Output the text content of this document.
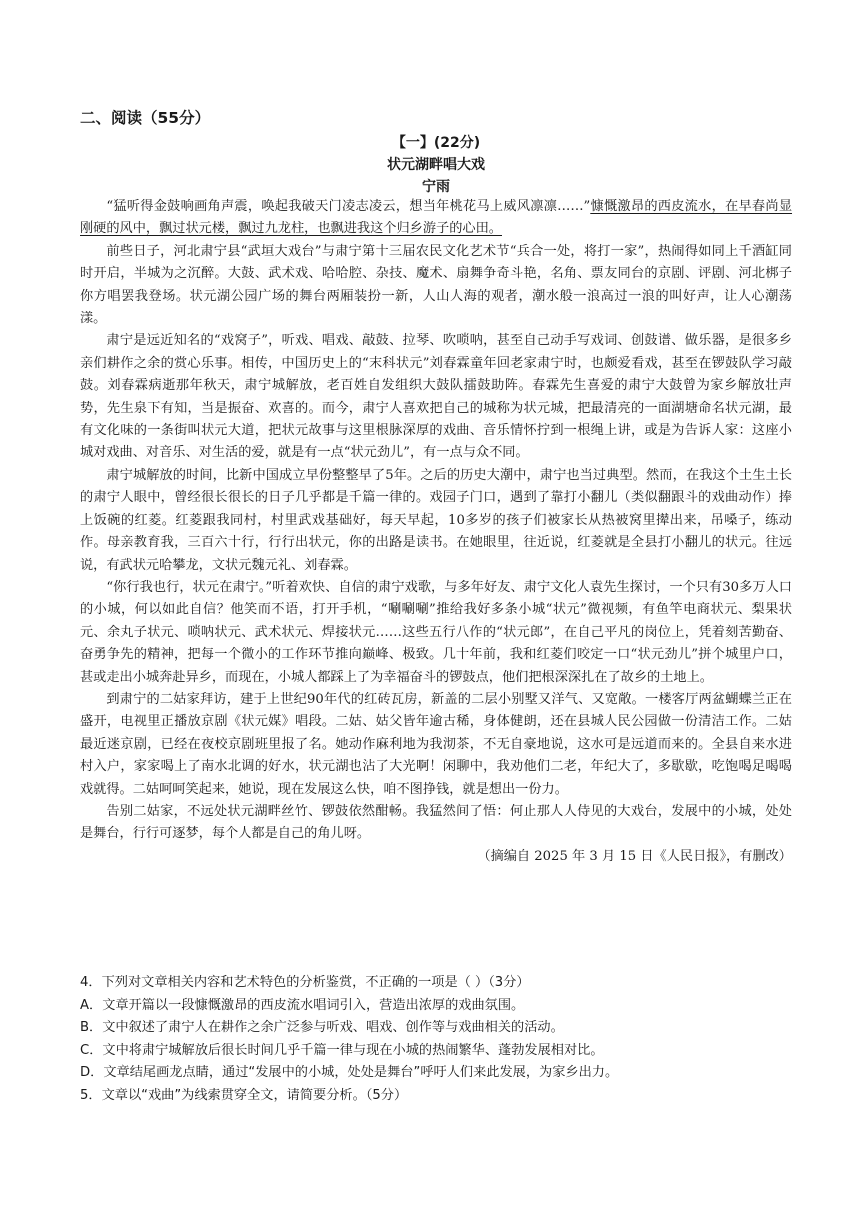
二、阅读（55分）
【一】(22分)
状元湖畔唱大戏
宁雨

“猛听得金鼓响画角声震，唤起我破天门凌志凌云，想当年桃花马上威风凛凛……”慷慨激昂的西皮流水，在早春尚显刚硬的风中，飘过状元楼，飘过九龙柱，也飘进我这个归乡游子的心田。

前些日子，河北肃宁县“武垣大戏台”与肃宁第十三届农民文化艺术节“兵合一处，将打一家”，热闹得如同上千酒缸同时开启，半城为之沉醉。大鼓、武术戏、哈哈腔、杂技、魔术、扇舞争奇斗艳，名角、票友同台的京剧、评剧、河北梆子你方唱罢我登场。状元湖公园广场的舞台两厢装扮一新，人山人海的观者，潮水般一浪高过一浪的叫好声，让人心潮荡漾。

肃宁是远近知名的“戏窝子”，听戏、唱戏、敲鼓、拉琴、吹唢呐，甚至自己动手写戏词、创鼓谱、做乐器，是很多乡亲们耕作之余的赏心乐事。相传，中国历史上的“末科状元”刘春霖童年回老家肃宁时，也颇爱看戏，甚至在锣鼓队学习敲鼓。刘春霖病逝那年秋天，肃宁城解放，老百姓自发组织大鼓队擂鼓助阵。春霖先生喜爱的肃宁大鼓曾为家乡解放壮声势，先生泉下有知，当是振奋、欢喜的。而今，肃宁人喜欢把自己的城称为状元城，把最清亮的一面湖塘命名状元湖，最有文化味的一条街叫状元大道，把状元故事与这里根脉深厚的戏曲、音乐情怀拧到一根绳上讲，或是为告诉人家：这座小城对戏曲、对音乐、对生活的爱，就是有一点“状元劲儿”，有一点与众不同。

肃宁城解放的时间，比新中国成立早份整整早了5年。之后的历史大潮中，肃宁也当过典型。然而，在我这个土生土长的肃宁人眼中，曾经很长很长的日子几乎都是千篇一律的。戏园子门口，遇到了靠打小翻儿（类似翻跟斗的戏曲动作）捧上饭碗的红菱。红菱跟我同村，村里武戏基础好，每天早起，10多岁的孩子们被家长从热被窝里撵出来，吊嗓子，练动作。母亲教育我，三百六十行，行行出状元，你的出路是读书。在她眼里，往近说，红菱就是全县打小翻儿的状元。往远说，有武状元哈攀龙，文状元魏元礼、刘春霖。

“你行我也行，状元在肃宁。”听着欢快、自信的肃宁戏歌，与多年好友、肃宁文化人袁先生探讨，一个只有30多万人口的小城，何以如此自信？他笑而不语，打开手机，“唰唰唰”推给我好多条小城“状元”微视频，有鱼竿电商状元、梨果状元、余丸子状元、唢呐状元、武术状元、焊接状元……这些五行八作的“状元郎”，在自己平凡的岗位上，凭着刻苦勤奋、奋勇争先的精神，把每一个微小的工作环节推向巅峰、极致。几十年前，我和红菱们咬定一口“状元劲儿”拼个城里户口，甚或走出小城奔赴异乡，而现在，小城人都踩上了为幸福奋斗的锣鼓点，他们把根深深扎在了故乡的土地上。

到肃宁的二姑家拜访，建于上世纪90年代的红砖瓦房，新盖的二层小别墅又洋气、又宽敞。一楼客厅两盆蝴蝶兰正在盛开，电视里正播放京剧《状元媒》唱段。二姑、姑父皆年逾古稀，身体健朗，还在县城人民公园做一份清洁工作。二姑最近迷京剧，已经在夜校京剧班里报了名。她动作麻利地为我沏茶，不无自豪地说，这水可是远道而来的。全县自来水进村入户，家家喝上了南水北调的好水，状元湖也沾了大光啊！闲聊中，我劝他们二老，年纪大了，多歇歇，吃饱喝足喝喝戏就得。二姑呵呵笑起来，她说，现在发展这么快，咱不图挣钱，就是想出一份力。

告别二姑家，不远处状元湖畔丝竹、锣鼓依然酣畅。我猛然间了悟：何止那人人侍见的大戏台，发展中的小城，处处是舞台，行行可逐梦，每个人都是自己的角儿呀。

（摘编自 2025 年 3 月 15 日《人民日报》，有删改）

4．下列对文章相关内容和艺术特色的分析鉴赏，不正确的一项是（ ）（3分）
A．文章开篇以一段慷慨激昂的西皮流水唱词引入，营造出浓厚的戏曲氛围。
B．文中叙述了肃宁人在耕作之余广泛参与听戏、唱戏、创作等与戏曲相关的活动。
C．文中将肃宁城解放后很长时间几乎千篇一律与现在小城的热闹繁华、蓬勃发展相对比。
D．文章结尾画龙点睛，通过“发展中的小城，处处是舞台”呼吁人们来此发展，为家乡出力。
5．文章以“戏曲”为线索贯穿全文，请简要分析。（5分）
